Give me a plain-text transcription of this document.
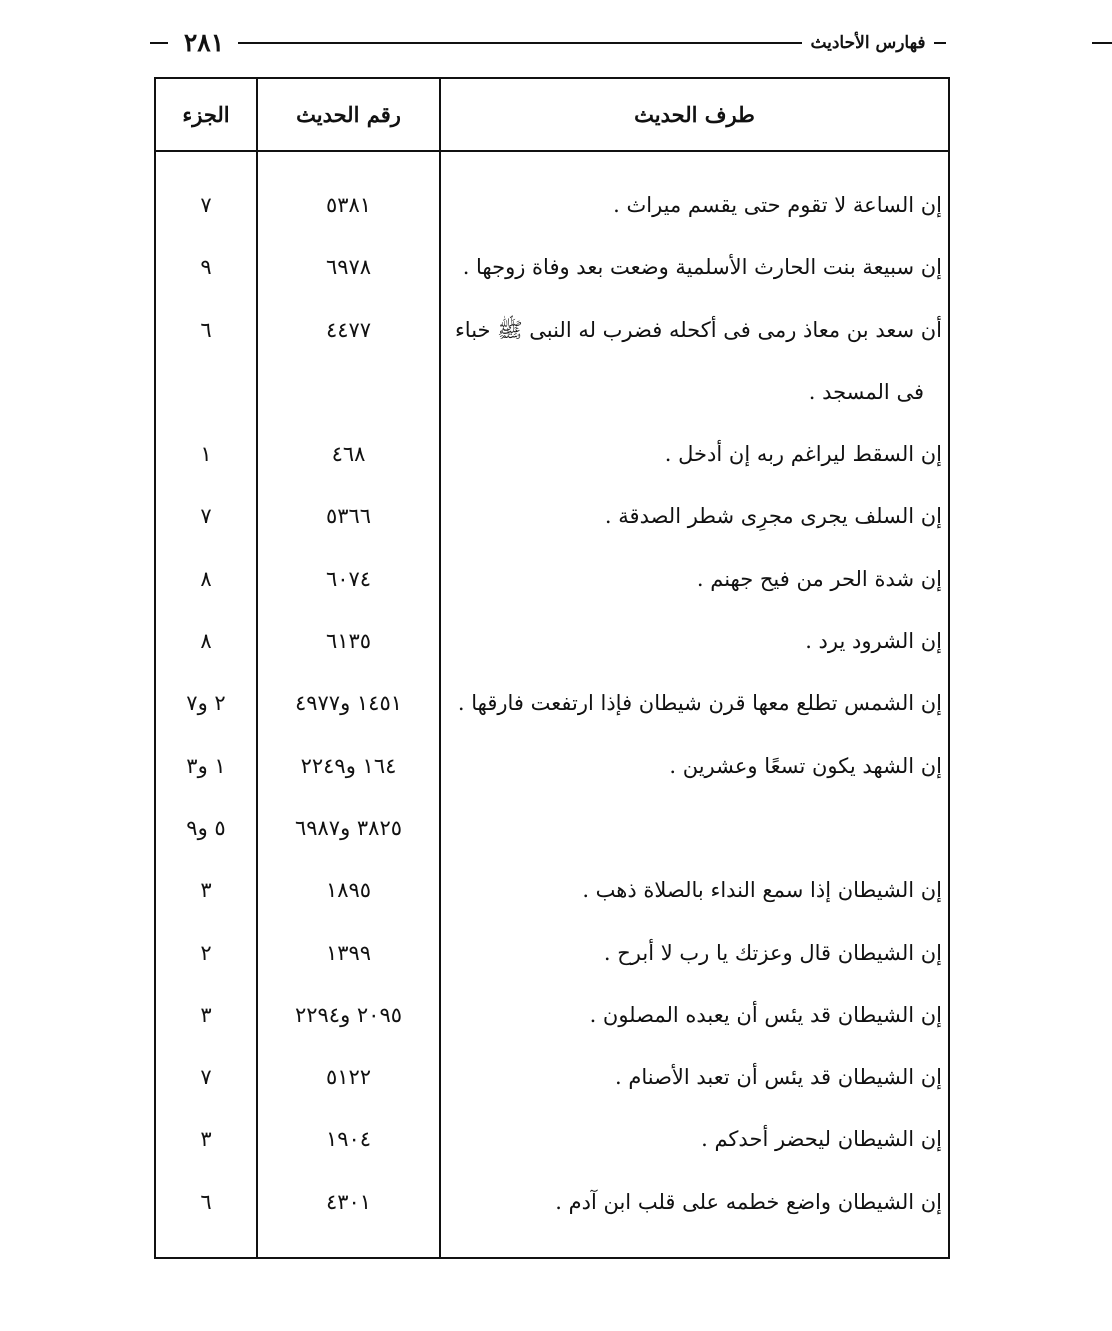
٢٨١	فهارس الأحاديث
طرف الحديث
رقم الحديث
الجزء
إن الساعة لا تقوم حتى يقسم ميراث .
٥٣٨١
٧
إن سبيعة بنت الحارث الأسلمية وضعت بعد وفاة زوجها .
٦٩٧٨
٩
أن سعد بن معاذ رمى فى أكحله فضرب له النبى ﷺ خباء
٤٤٧٧
٦
فى المسجد .
إن السقط ليراغم ربه إن أدخل .
٤٦٨
١
إن السلف يجرى مجرِى شطر الصدقة .
٥٣٦٦
٧
إن شدة الحر من فيح جهنم .
٦٠٧٤
٨
إن الشرود يرد .
٦١٣٥
٨
إن الشمس تطلع معها قرن شيطان فإذا ارتفعت فارقها .
١٤٥١ و٤٩٧٧
٢ و٧
إن الشهد يكون تسعًا وعشرين .
١٦٤ و٢٢٤٩
١ و٣
٣٨٢٥ و٦٩٨٧
٥ و٩
إن الشيطان إذا سمع النداء بالصلاة ذهب .
١٨٩٥
٣
إن الشيطان قال وعزتك يا رب لا أبرح .
١٣٩٩
٢
إن الشيطان قد يئس أن يعبده المصلون .
٢٠٩٥ و٢٢٩٤
٣
إن الشيطان قد يئس أن تعبد الأصنام .
٥١٢٢
٧
إن الشيطان ليحضر أحدكم .
١٩٠٤
٣
إن الشيطان واضع خطمه على قلب ابن آدم .
٤٣٠١
٦
